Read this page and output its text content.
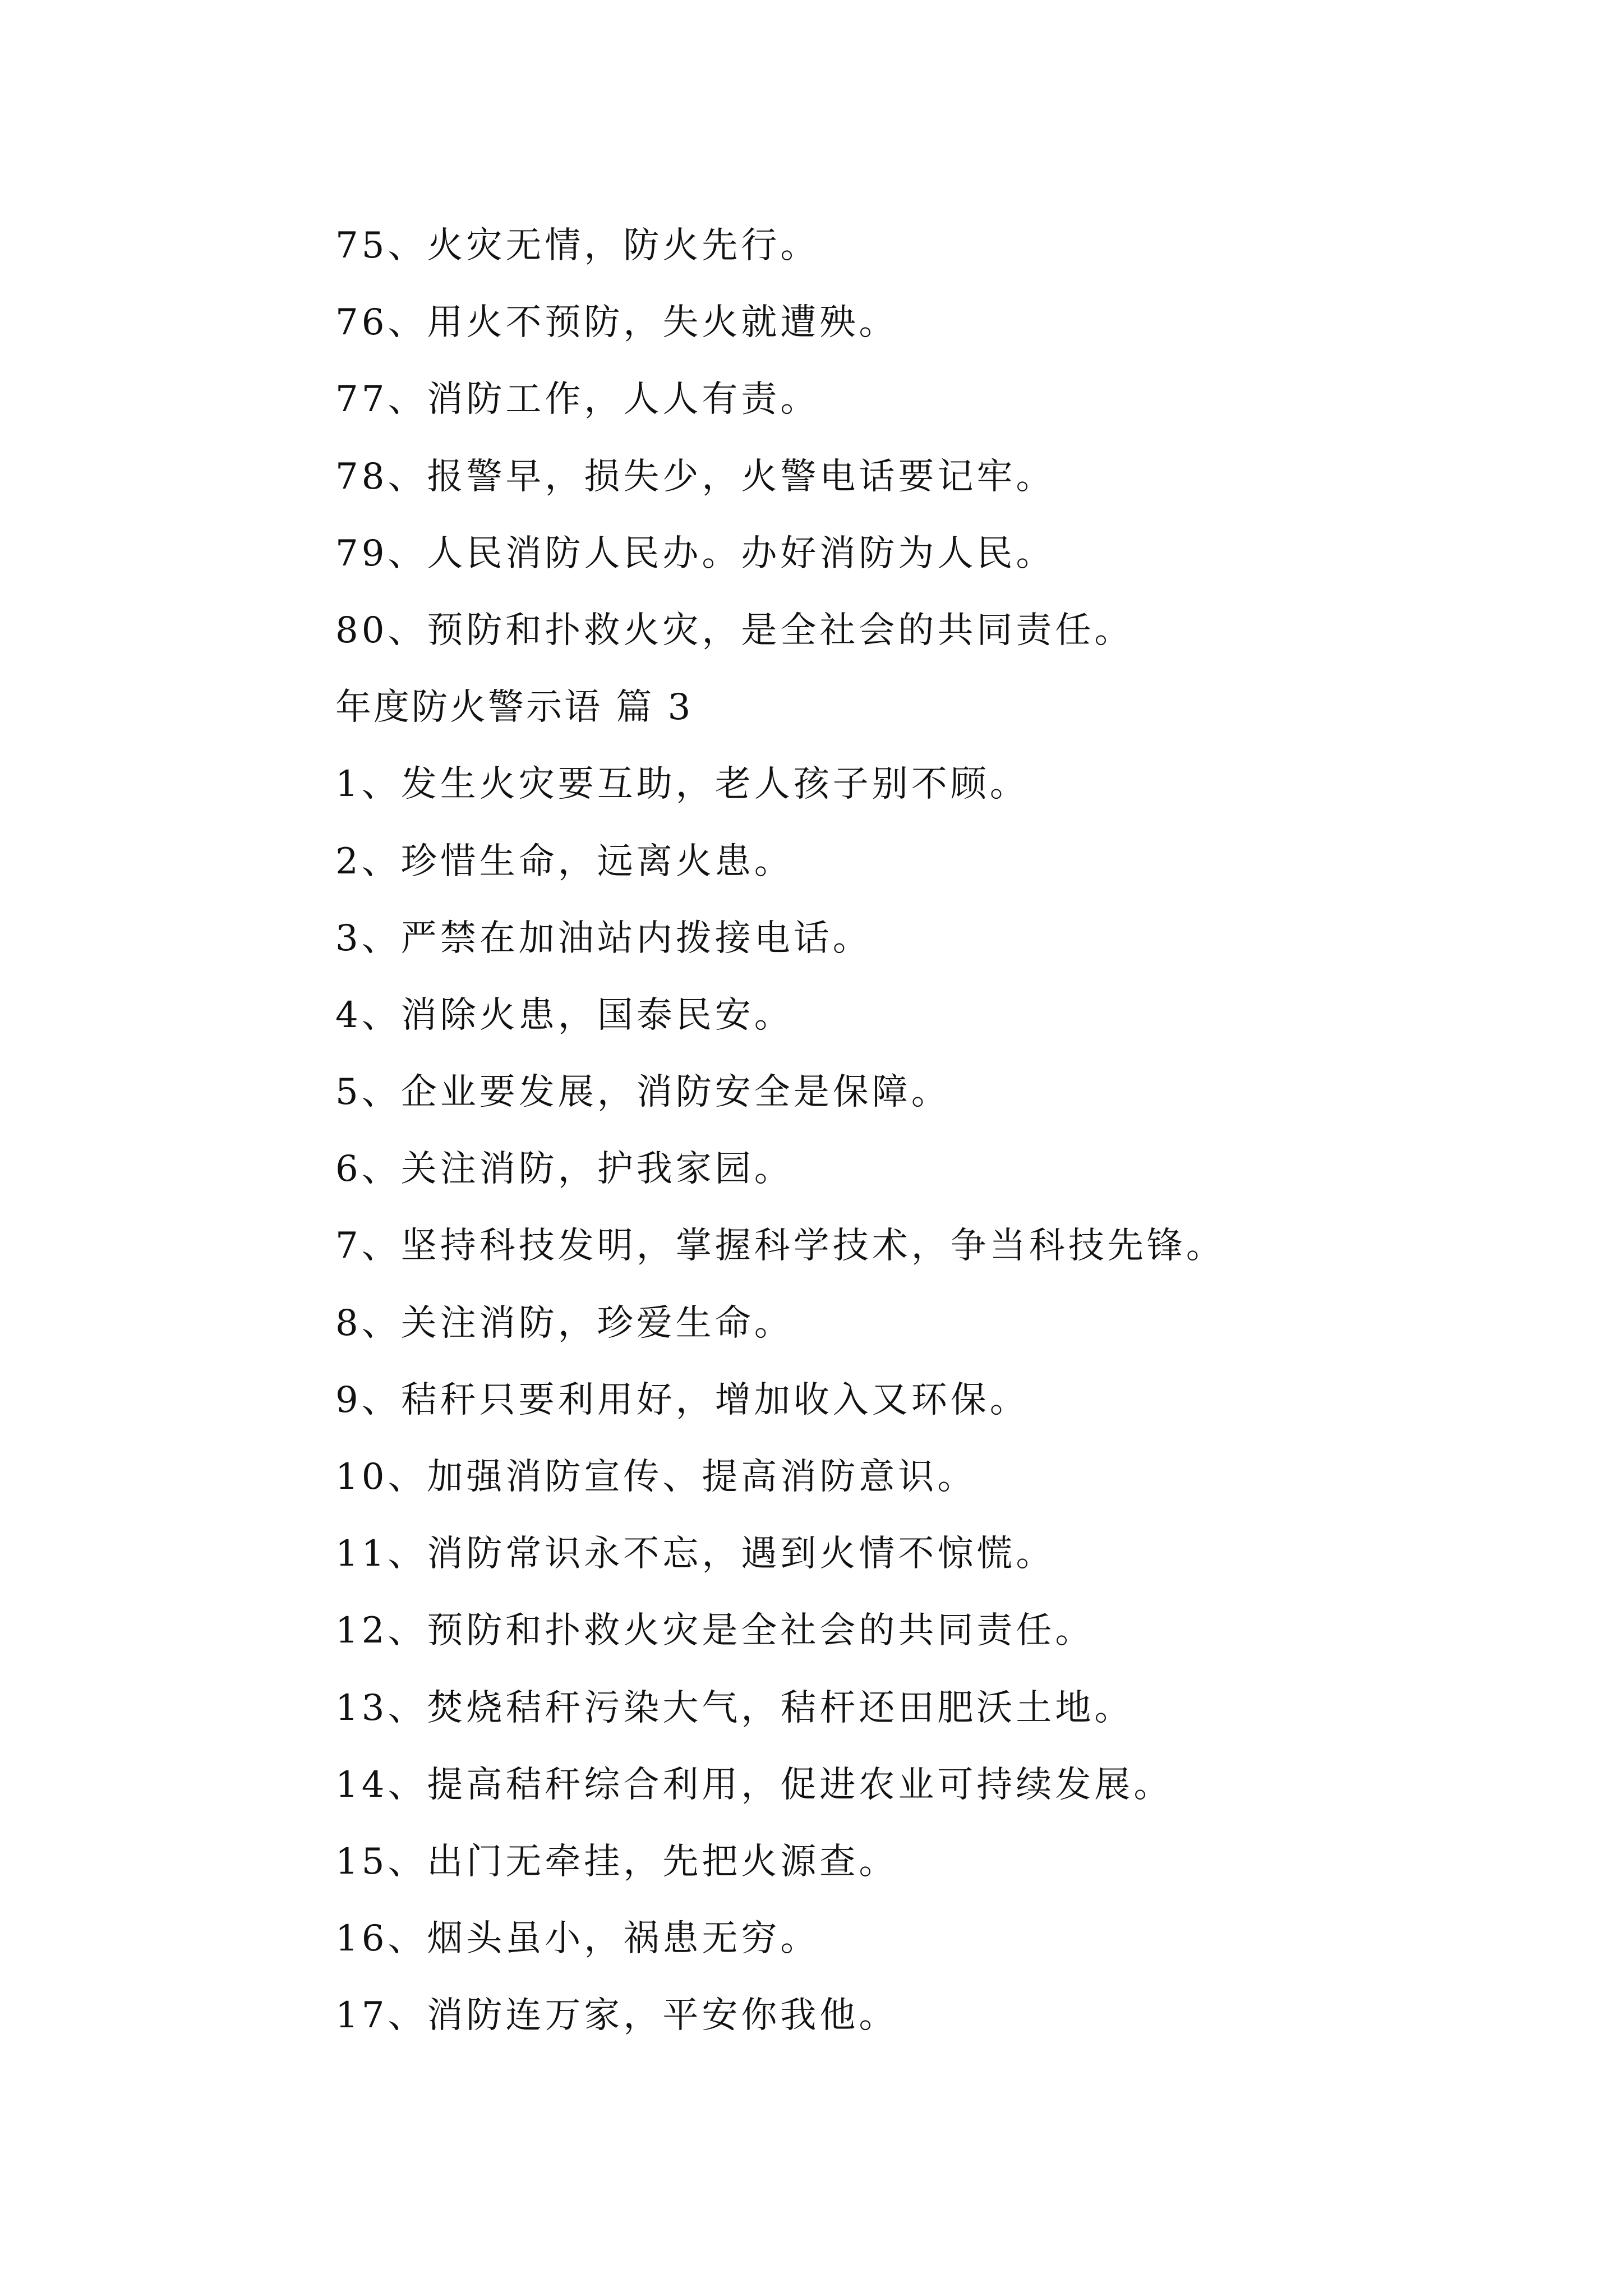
75、火灾无情，防火先行。
76、用火不预防，失火就遭殃。
77、消防工作，人人有责。
78、报警早，损失少，火警电话要记牢。
79、人民消防人民办。办好消防为人民。
80、预防和扑救火灾，是全社会的共同责任。
年度防火警示语 篇 3
1、发生火灾要互助，老人孩子别不顾。
2、珍惜生命，远离火患。
3、严禁在加油站内拨接电话。
4、消除火患，国泰民安。
5、企业要发展，消防安全是保障。
6、关注消防，护我家园。
7、坚持科技发明，掌握科学技术，争当科技先锋。
8、关注消防，珍爱生命。
9、秸秆只要利用好，增加收入又环保。
10、加强消防宣传、提高消防意识。
11、消防常识永不忘，遇到火情不惊慌。
12、预防和扑救火灾是全社会的共同责任。
13、焚烧秸秆污染大气，秸杆还田肥沃土地。
14、提高秸秆综合利用，促进农业可持续发展。
15、出门无牵挂，先把火源查。
16、烟头虽小，祸患无穷。
17、消防连万家，平安你我他。
